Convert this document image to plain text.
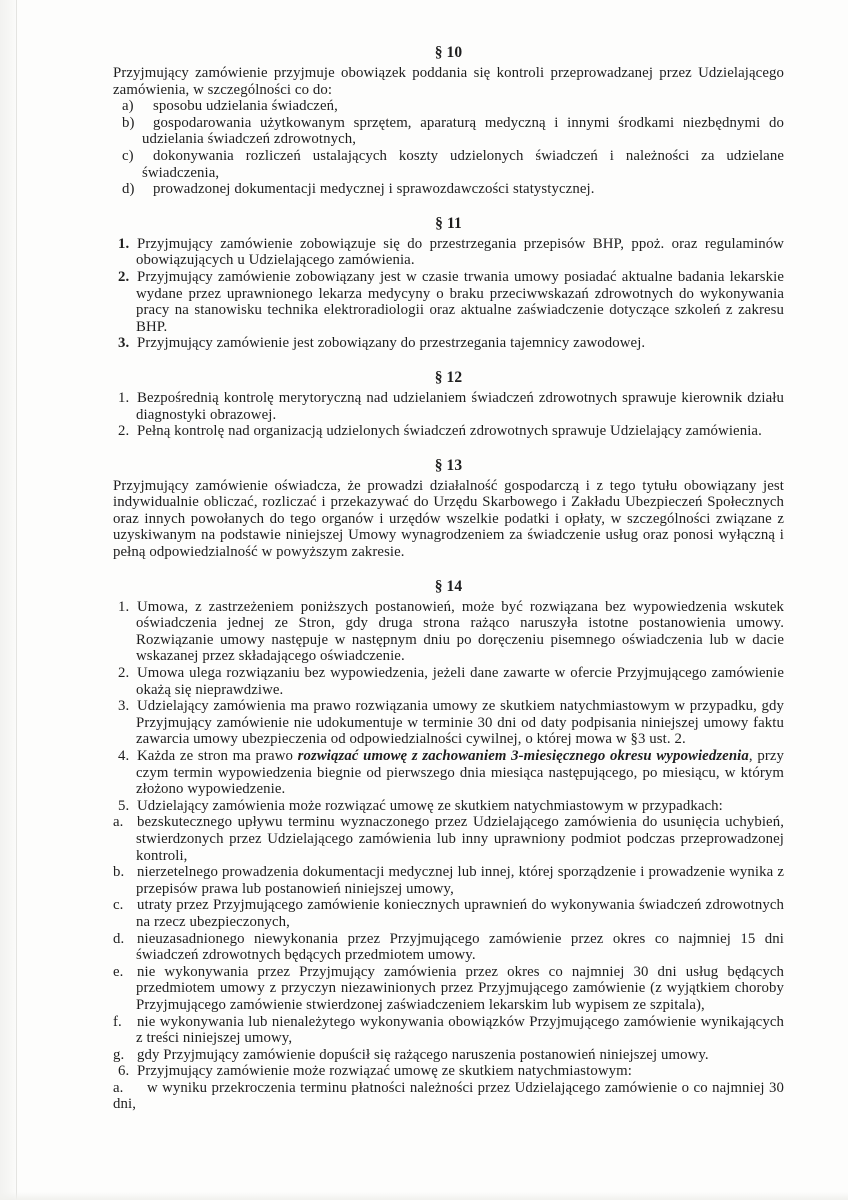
§ 10

Przyjmujący zamówienie przyjmuje obowiązek poddania się kontroli przeprowadzanej przez Udzielającego zamówienia, w szczególności co do:

a) sposobu udzielania świadczeń,
b) gospodarowania użytkowanym sprzętem, aparaturą medyczną i innymi środkami niezbędnymi do udzielania świadczeń zdrowotnych,
c) dokonywania rozliczeń ustalających koszty udzielonych świadczeń i należności za udzielane świadczenia,
d) prowadzonej dokumentacji medycznej i sprawozdawczości statystycznej.
§ 11
1. Przyjmujący zamówienie zobowiązuje się do przestrzegania przepisów BHP, ppoż. oraz regulaminów obowiązujących u Udzielającego zamówienia.
2. Przyjmujący zamówienie zobowiązany jest w czasie trwania umowy posiadać aktualne badania lekarskie wydane przez uprawnionego lekarza medycyny o braku przeciwwskazań zdrowotnych do wykonywania pracy na stanowisku technika elektroradiologii oraz aktualne zaświadczenie dotyczące szkoleń z zakresu BHP.
3. Przyjmujący zamówienie jest zobowiązany do przestrzegania tajemnicy zawodowej.
§ 12
1. Bezpośrednią kontrolę merytoryczną nad udzielaniem świadczeń zdrowotnych sprawuje kierownik działu diagnostyki obrazowej.
2. Pełną kontrolę nad organizacją udzielonych świadczeń zdrowotnych sprawuje Udzielający zamówienia.
§ 13

Przyjmujący zamówienie oświadcza, że prowadzi działalność gospodarczą i z tego tytułu obowiązany jest indywidualnie obliczać, rozliczać i przekazywać do Urzędu Skarbowego i Zakładu Ubezpieczeń Społecznych oraz innych powołanych do tego organów i urzędów wszelkie podatki i opłaty, w szczególności związane z uzyskiwanym na podstawie niniejszej Umowy wynagrodzeniem za świadczenie usług oraz ponosi wyłączną i pełną odpowiedzialność w powyższym zakresie.

§ 14
1. Umowa, z zastrzeżeniem poniższych postanowień, może być rozwiązana bez wypowiedzenia wskutek oświadczenia jednej ze Stron, gdy druga strona rażąco naruszyła istotne postanowienia umowy. Rozwiązanie umowy następuje w następnym dniu po doręczeniu pisemnego oświadczenia lub w dacie wskazanej przez składającego oświadczenie.
2. Umowa ulega rozwiązaniu bez wypowiedzenia, jeżeli dane zawarte w ofercie Przyjmującego zamówienie okażą się nieprawdziwe.
3. Udzielający zamówienia ma prawo rozwiązania umowy ze skutkiem natychmiastowym w przypadku, gdy Przyjmujący zamówienie nie udokumentuje w terminie 30 dni od daty podpisania niniejszej umowy faktu zawarcia umowy ubezpieczenia od odpowiedzialności cywilnej, o której mowa w §3 ust. 2.
4. Każda ze stron ma prawo rozwiązać umowę z zachowaniem 3-miesięcznego okresu wypowiedzenia, przy czym termin wypowiedzenia biegnie od pierwszego dnia miesiąca następującego, po miesiącu, w którym złożono wypowiedzenie.
5. Udzielający zamówienia może rozwiązać umowę ze skutkiem natychmiastowym w przypadkach:
a. bezskutecznego upływu terminu wyznaczonego przez Udzielającego zamówienia do usunięcia uchybień, stwierdzonych przez Udzielającego zamówienia lub inny uprawniony podmiot podczas przeprowadzonej kontroli,
b. nierzetelnego prowadzenia dokumentacji medycznej lub innej, której sporządzenie i prowadzenie wynika z przepisów prawa lub postanowień niniejszej umowy,
c. utraty przez Przyjmującego zamówienie koniecznych uprawnień do wykonywania świadczeń zdrowotnych na rzecz ubezpieczonych,
d. nieuzasadnionego niewykonania przez Przyjmującego zamówienie przez okres co najmniej 15 dni świadczeń zdrowotnych będących przedmiotem umowy.
e. nie wykonywania przez Przyjmujący zamówienia przez okres co najmniej 30 dni usług będących przedmiotem umowy z przyczyn niezawinionych przez Przyjmującego zamówienie (z wyjątkiem choroby Przyjmującego zamówienie stwierdzonej zaświadczeniem lekarskim lub wypisem ze szpitala),
f. nie wykonywania lub nienależytego wykonywania obowiązków Przyjmującego zamówienie wynikających z treści niniejszej umowy,
g. gdy Przyjmujący zamówienie dopuścił się rażącego naruszenia postanowień niniejszej umowy.
6. Przyjmujący zamówienie może rozwiązać umowę ze skutkiem natychmiastowym:
a. w wyniku przekroczenia terminu płatności należności przez Udzielającego zamówienie o co najmniej 30 dni,
